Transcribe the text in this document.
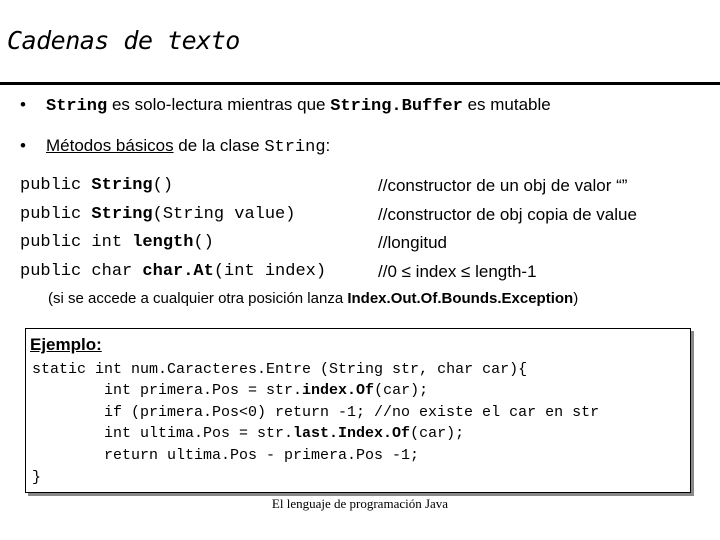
Cadenas de texto
• String es solo-lectura mientras que String.Buffer es mutable
• Métodos básicos de la clase String:
public String()	//constructor de un obj de valor “”
public String(String value)	//constructor de obj copia de value
public int length()	//longitud
public char char.At(int index)	//0 ≤ index ≤ length-1
(si se accede a cualquier otra posición lanza Index.Out.Of.Bounds.Exception)
Ejemplo:
static int num.Caracteres.Entre (String str, char car){
int primera.Pos = str.index.Of(car);
if (primera.Pos<0) return -1; //no existe el car en str
int ultima.Pos = str.last.Index.Of(car);
return ultima.Pos - primera.Pos -1;
}
El lenguaje de programación Java
